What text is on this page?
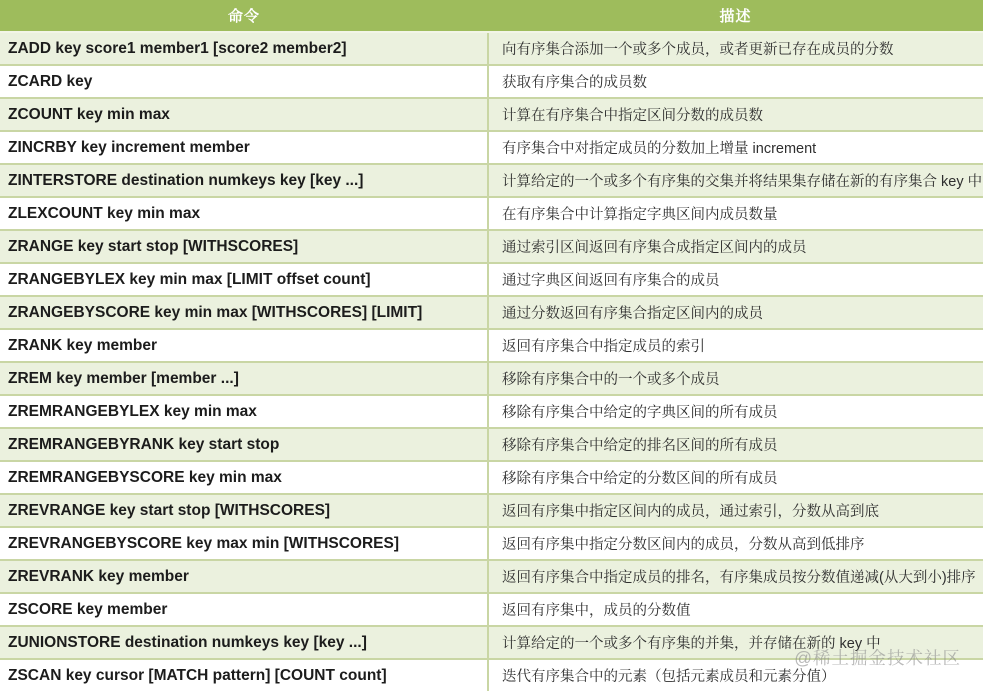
命令	描述
ZADD key score1 member1 [score2 member2]	向有序集合添加一个或多个成员，或者更新已存在成员的分数
ZCARD key	获取有序集合的成员数
ZCOUNT key min max	计算在有序集合中指定区间分数的成员数
ZINCRBY key increment member	有序集合中对指定成员的分数加上增量 increment
ZINTERSTORE destination numkeys key [key ...]	计算给定的一个或多个有序集的交集并将结果集存储在新的有序集合 key 中
ZLEXCOUNT key min max	在有序集合中计算指定字典区间内成员数量
ZRANGE key start stop [WITHSCORES]	通过索引区间返回有序集合成指定区间内的成员
ZRANGEBYLEX key min max [LIMIT offset count]	通过字典区间返回有序集合的成员
ZRANGEBYSCORE key min max [WITHSCORES] [LIMIT]	通过分数返回有序集合指定区间内的成员
ZRANK key member	返回有序集合中指定成员的索引
ZREM key member [member ...]	移除有序集合中的一个或多个成员
ZREMRANGEBYLEX key min max	移除有序集合中给定的字典区间的所有成员
ZREMRANGEBYRANK key start stop	移除有序集合中给定的排名区间的所有成员
ZREMRANGEBYSCORE key min max	移除有序集合中给定的分数区间的所有成员
ZREVRANGE key start stop [WITHSCORES]	返回有序集中指定区间内的成员，通过索引，分数从高到底
ZREVRANGEBYSCORE key max min [WITHSCORES]	返回有序集中指定分数区间内的成员，分数从高到低排序
ZREVRANK key member	返回有序集合中指定成员的排名，有序集成员按分数值递减(从大到小)排序
ZSCORE key member	返回有序集中，成员的分数值
ZUNIONSTORE destination numkeys key [key ...]	计算给定的一个或多个有序集的并集，并存储在新的 key 中
ZSCAN key cursor [MATCH pattern] [COUNT count]	迭代有序集合中的元素（包括元素成员和元素分值）
@稀土掘金技术社区
